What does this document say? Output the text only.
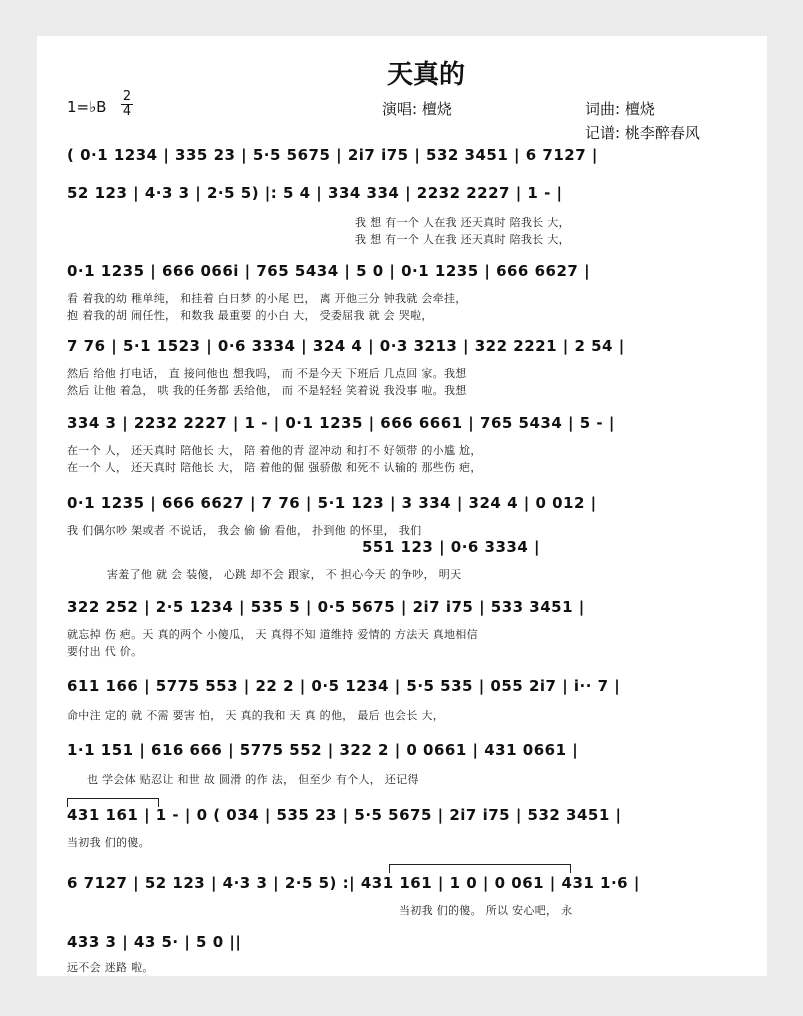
天真的
1=♭B
2
4	演唱: 檀烧	词曲: 檀烧
记谱: 桃李醉春风
( 0·1 1234 | 335 23 | 5·5 5675 | 2i7 i75 | 532 3451 | 6 7127 |
52 123 | 4·3 3 | 2·5 5) |: 5 4 | 334 334 | 2232 2227 | 1 - |
我 想 有一个 人在我 还天真时 陪我长 大，
我 想 有一个 人在我 还天真时 陪我长 大，
0·1 1235 | 666 066i | 765 5434 | 5 0 | 0·1 1235 | 666 6627 |
看 着我的幼 稚单纯， 和挂着 白日梦 的小尾 巴， 离 开他三分 钟我就 会牵挂，
抱 着我的胡 闹任性， 和数我 最重要 的小白 大， 受委屈我 就 会 哭啦，
7 76 | 5·1 1523 | 0·6 3334 | 324 4 | 0·3 3213 | 322 2221 | 2 54 |
然后 给他 打电话， 直 接问他也 想我吗， 而 不是今天 下班后 几点回 家。我想
然后 让他 着急， 哄 我的任务都 丢给他， 而 不是轻轻 笑着说 我没事 啦。我想
334 3 | 2232 2227 | 1 - | 0·1 1235 | 666 6661 | 765 5434 | 5 - |
在一个 人， 还天真时 陪他长 大， 陪 着他的青 涩冲动 和打不 好领带 的小尴 尬，
在一个 人， 还天真时 陪他长 大， 陪 着他的倔 强骄傲 和死不 认输的 那些伤 疤，
0·1 1235 | 666 6627 | 7 76 | 5·1 123 | 3 334 | 324 4 | 0 012 |
我 们偶尔吵 架或者 不说话， 我会 偷 偷 看他， 扑到他 的怀里， 我们
551 123 | 0·6 3334 |
害羞了他 就 会 装傻， 心跳 却不会 跟家， 不 担心今天 的争吵， 明天
322 252 | 2·5 1234 | 535 5 | 0·5 5675 | 2i7 i75 | 533 3451 |
就忘掉 伤 疤。天 真的两个 小傻瓜， 天 真得不知 道维持 爱情的 方法天 真地相信
要付出 代 价。
611 166 | 5775 553 | 22 2 | 0·5 1234 | 5·5 535 | 055 2i7 | i·· 7 |
命中注 定的 就 不需 要害 怕， 天 真的我和 天 真 的他， 最后 也会长 大，
1·1 151 | 616 666 | 5775 552 | 322 2 | 0 0661 | 431 0661 |
也 学会体 贴忍让 和世 故 圆滑 的作 法， 但至少 有个人， 还记得
431 161 | 1 - | 0 ( 034 | 535 23 | 5·5 5675 | 2i7 i75 | 532 3451 |
当初我 们的傻。
6 7127 | 52 123 | 4·3 3 | 2·5 5) :| 431 161 | 1 0 | 0 061 | 431 1·6 |
当初我 们的傻。 所以 安心吧， 永
433 3 | 43 5· | 5 0 ||
远不会 迷路 啦。
